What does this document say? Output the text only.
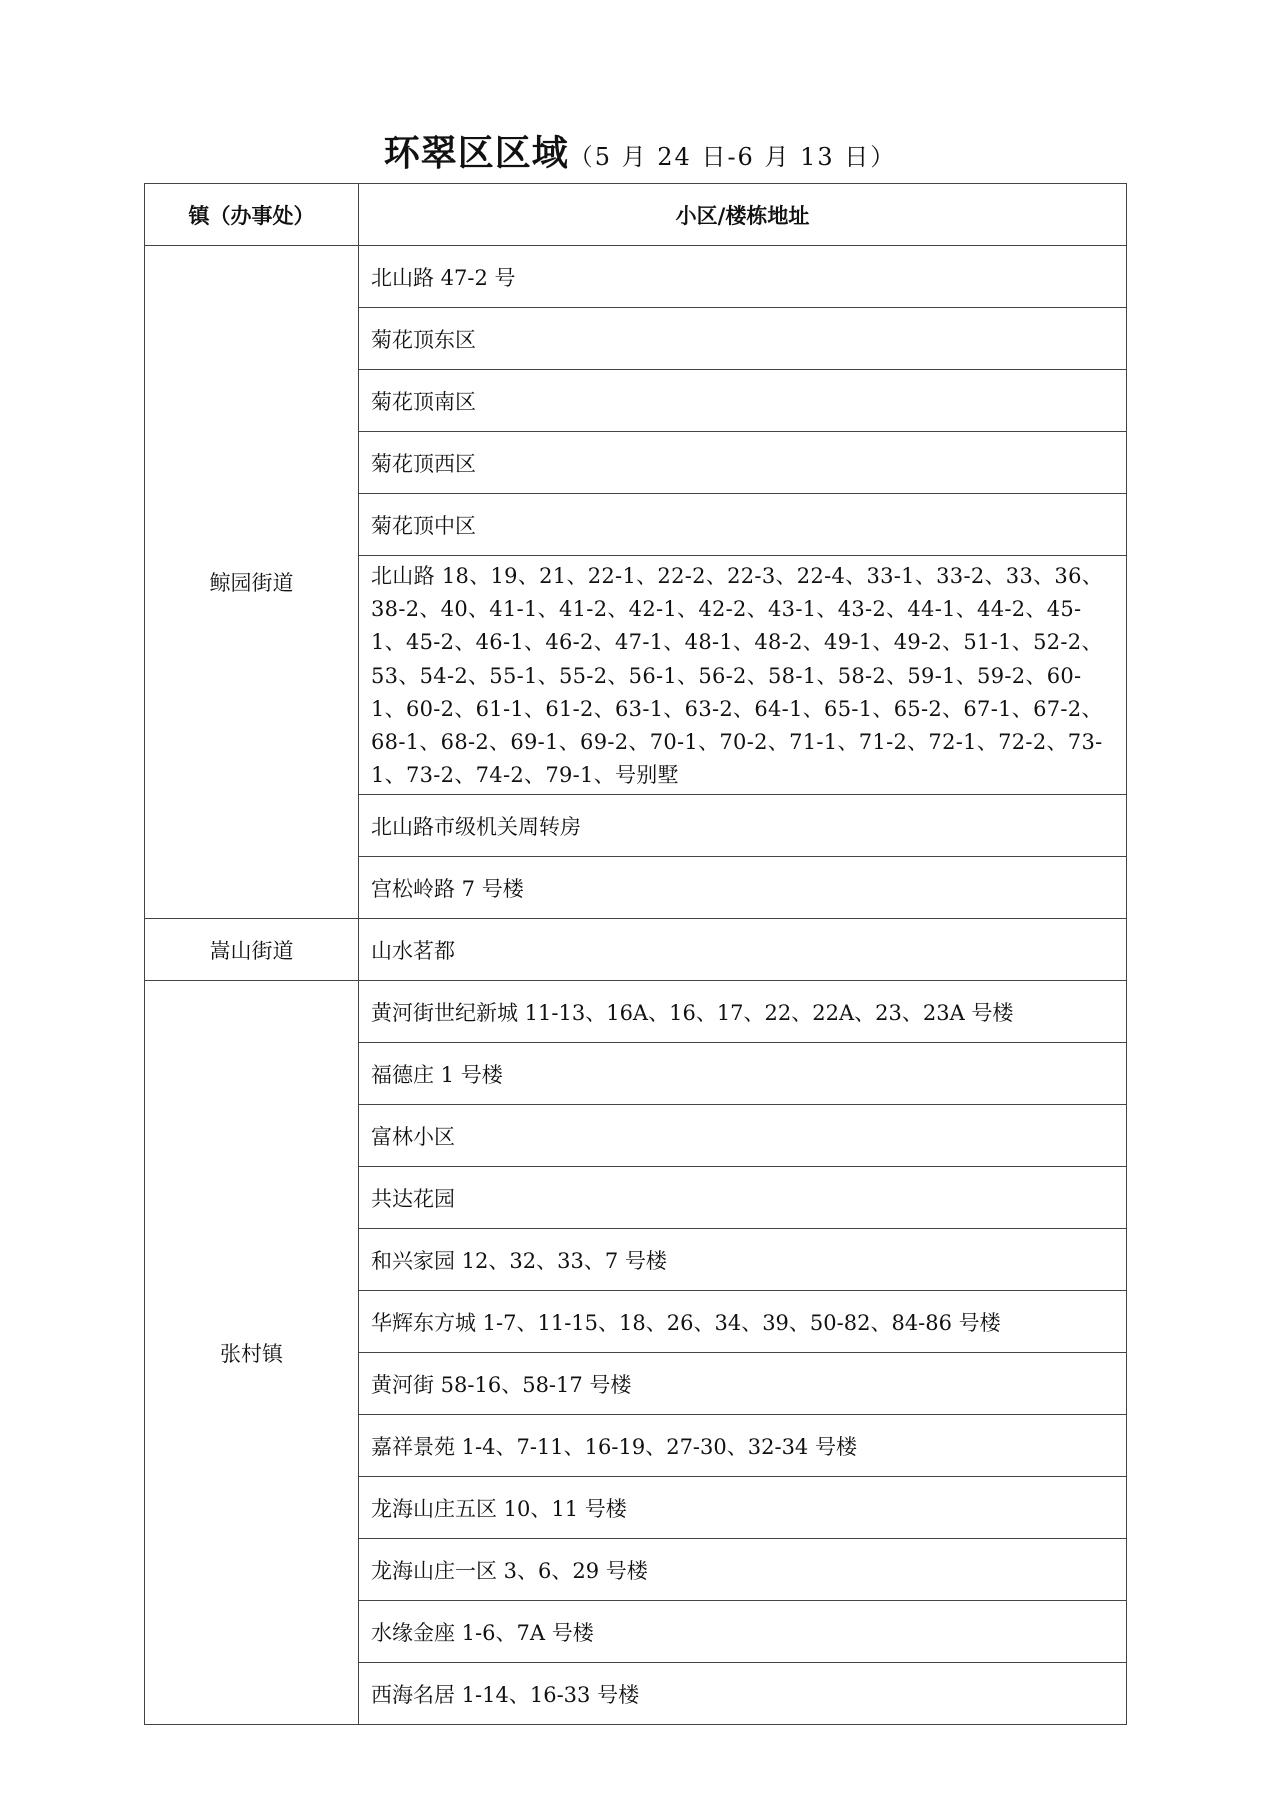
环翠区区域（5 月 24 日-6 月 13 日）
镇（办事处）	小区/楼栋地址
鲸园街道	北山路 47-2 号
	菊花顶东区
	菊花顶南区
	菊花顶西区
	菊花顶中区
	北山路 18、19、21、22-1、22-2、22-3、22-4、33-1、33-2、33、36、38-2、40、41-1、41-2、42-1、42-2、43-1、43-2、44-1、44-2、45-1、45-2、46-1、46-2、47-1、48-1、48-2、49-1、49-2、51-1、52-2、53、54-2、55-1、55-2、56-1、56-2、58-1、58-2、59-1、59-2、60-1、60-2、61-1、61-2、63-1、63-2、64-1、65-1、65-2、67-1、67-2、68-1、68-2、69-1、69-2、70-1、70-2、71-1、71-2、72-1、72-2、73-1、73-2、74-2、79-1、号别墅
	北山路市级机关周转房
	宫松岭路 7 号楼
嵩山街道	山水茗都
张村镇	黄河街世纪新城 11-13、16A、16、17、22、22A、23、23A 号楼
	福德庄 1 号楼
	富林小区
	共达花园
	和兴家园 12、32、33、7 号楼
	华辉东方城 1-7、11-15、18、26、34、39、50-82、84-86 号楼
	黄河街 58-16、58-17 号楼
	嘉祥景苑 1-4、7-11、16-19、27-30、32-34 号楼
	龙海山庄五区 10、11 号楼
	龙海山庄一区 3、6、29 号楼
	水缘金座 1-6、7A 号楼
	西海名居 1-14、16-33 号楼
